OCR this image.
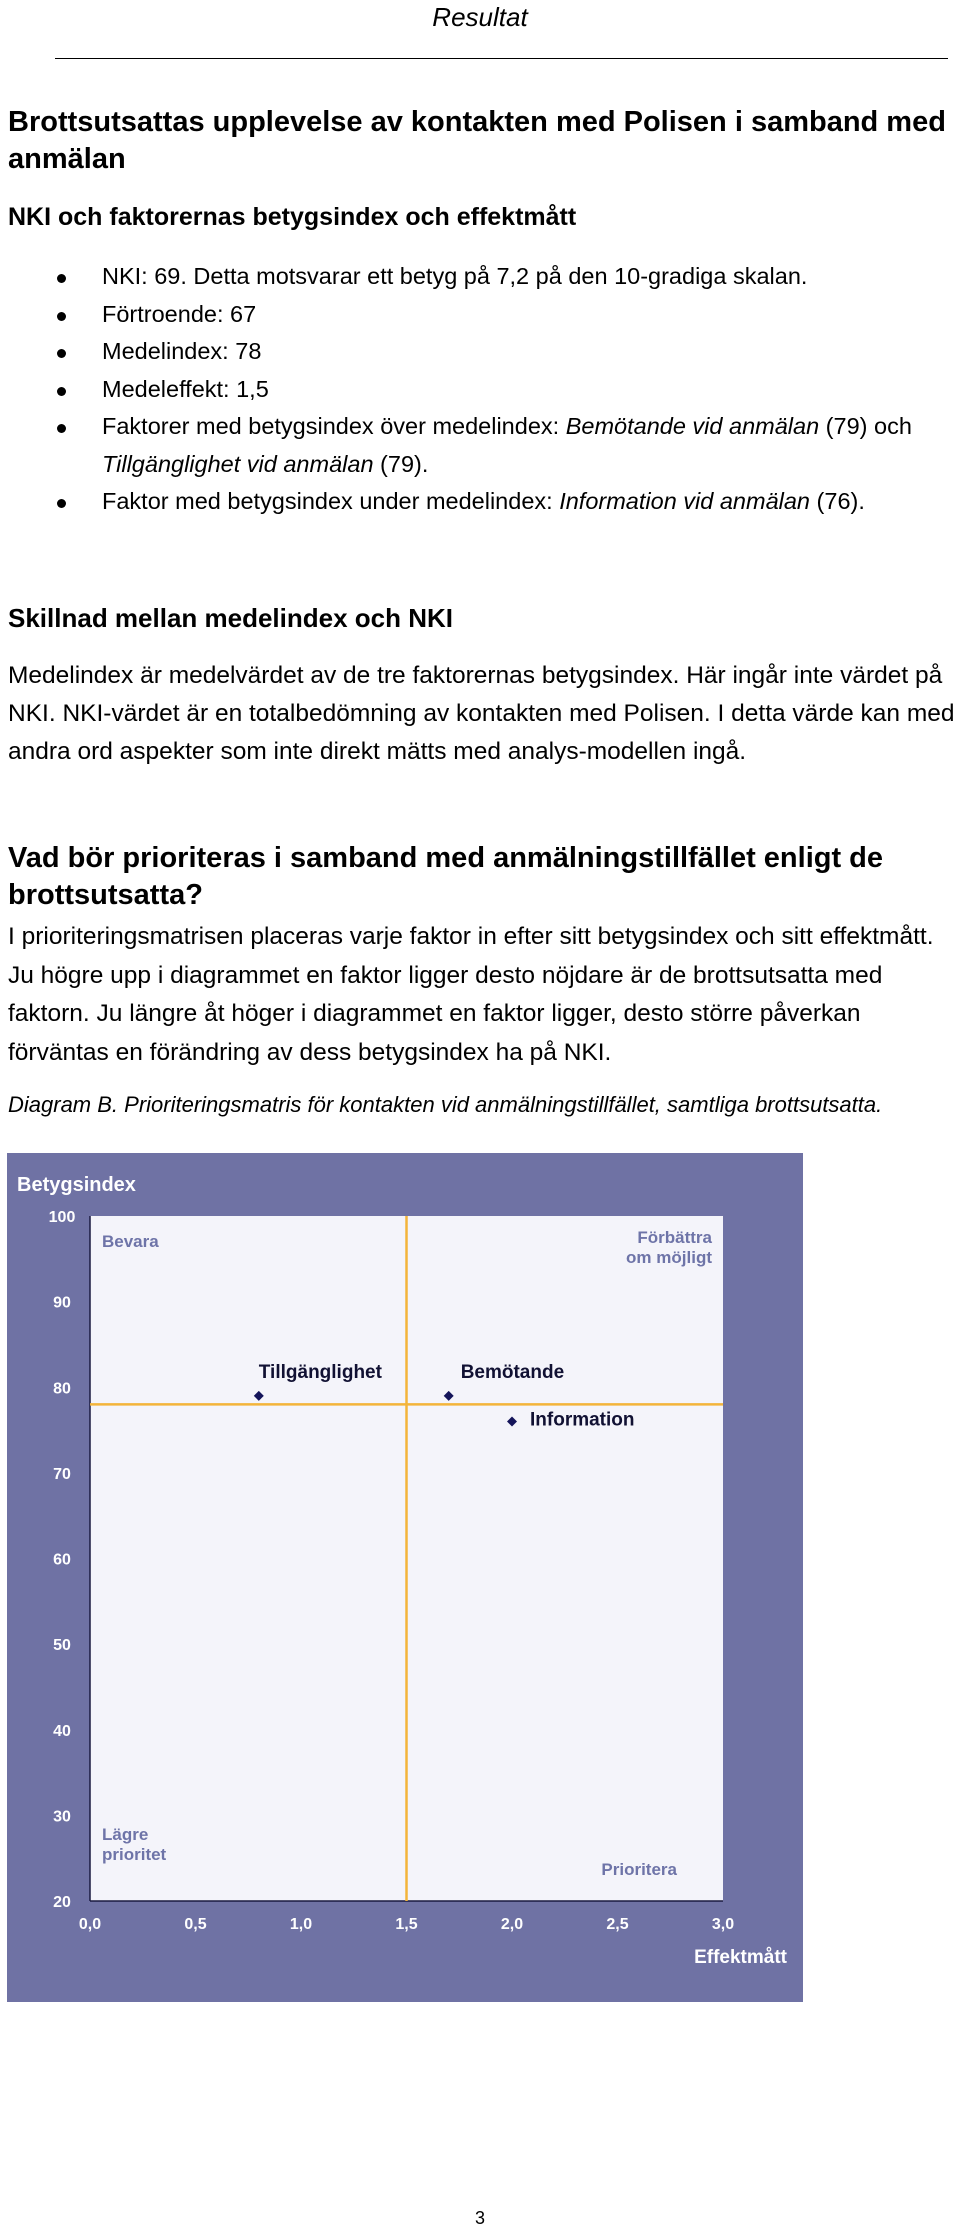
Resultat
Brottsutsattas upplevelse av kontakten med Polisen i samband med anmälan
NKI och faktorernas betygsindex och effektmått
NKI: 69. Detta motsvarar ett betyg på 7,2 på den 10-gradiga skalan.
Förtroende: 67
Medelindex: 78
Medeleffekt: 1,5
Faktorer med betygsindex över medelindex: Bemötande vid anmälan (79) och Tillgänglighet vid anmälan (79).
Faktor med betygsindex under medelindex: Information vid anmälan (76).
Skillnad mellan medelindex och NKI
Medelindex är medelvärdet av de tre faktorernas betygsindex. Här ingår inte värdet på NKI. NKI-värdet är en totalbedömning av kontakten med Polisen. I detta värde kan med andra ord aspekter som inte direkt mätts med analys-modellen ingå.
Vad bör prioriteras i samband med anmälningstillfället enligt de brottsutsatta?
I prioriteringsmatrisen placeras varje faktor in efter sitt betygsindex och sitt effektmått. Ju högre upp i diagrammet en faktor ligger desto nöjdare är de brottsutsatta med faktorn. Ju längre åt höger i diagrammet en faktor ligger, desto större påverkan förväntas en förändring av dess betygsindex ha på NKI.
Diagram B. Prioriteringsmatris för kontakten vid anmälningstillfället, samtliga brottsutsatta.
Betygsindex
Effektmått
20
30
40
50
60
70
80
90
100
0,0	0,5	1,0	1,5	2,0	2,5	3,0
Bevara	Förbättra
om möjligt
Lägre
prioritet
Prioritera
Tillgänglighet	Bemötande
Information
3
